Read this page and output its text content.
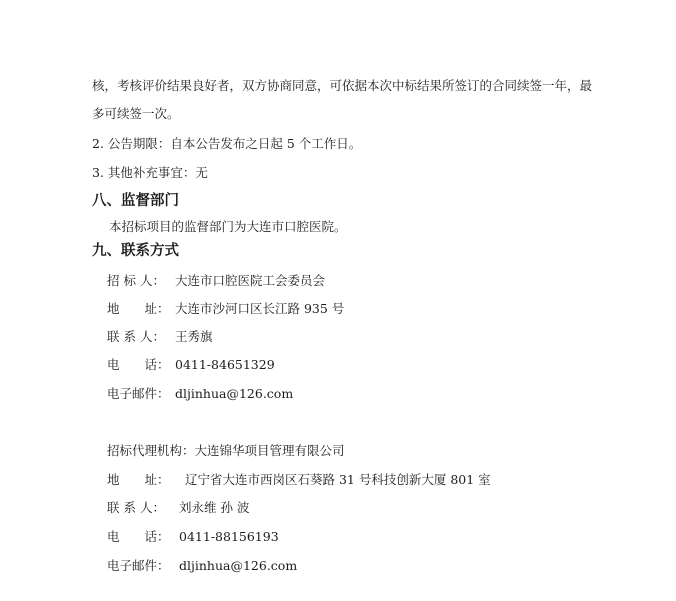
核，考核评价结果良好者，双方协商同意，可依据本次中标结果所签订的合同续签一年，最
多可续签一次。
2. 公告期限：自本公告发布之日起 5 个工作日。
3. 其他补充事宜：无
八、监督部门
本招标项目的监督部门为大连市口腔医院。
九、联系方式
招 标 人： 大连市口腔医院工会委员会
地　　址： 大连市沙河口区长江路 935 号
联 系 人： 王秀旗
电　　话： 0411-84651329
电子邮件： dljinhua@126.com
招标代理机构：大连锦华项目管理有限公司
地　　址： 辽宁省大连市西岗区石葵路 31 号科技创新大厦 801 室
联 系 人： 刘永维 孙 波
电　　话： 0411-88156193
电子邮件： dljinhua@126.com
